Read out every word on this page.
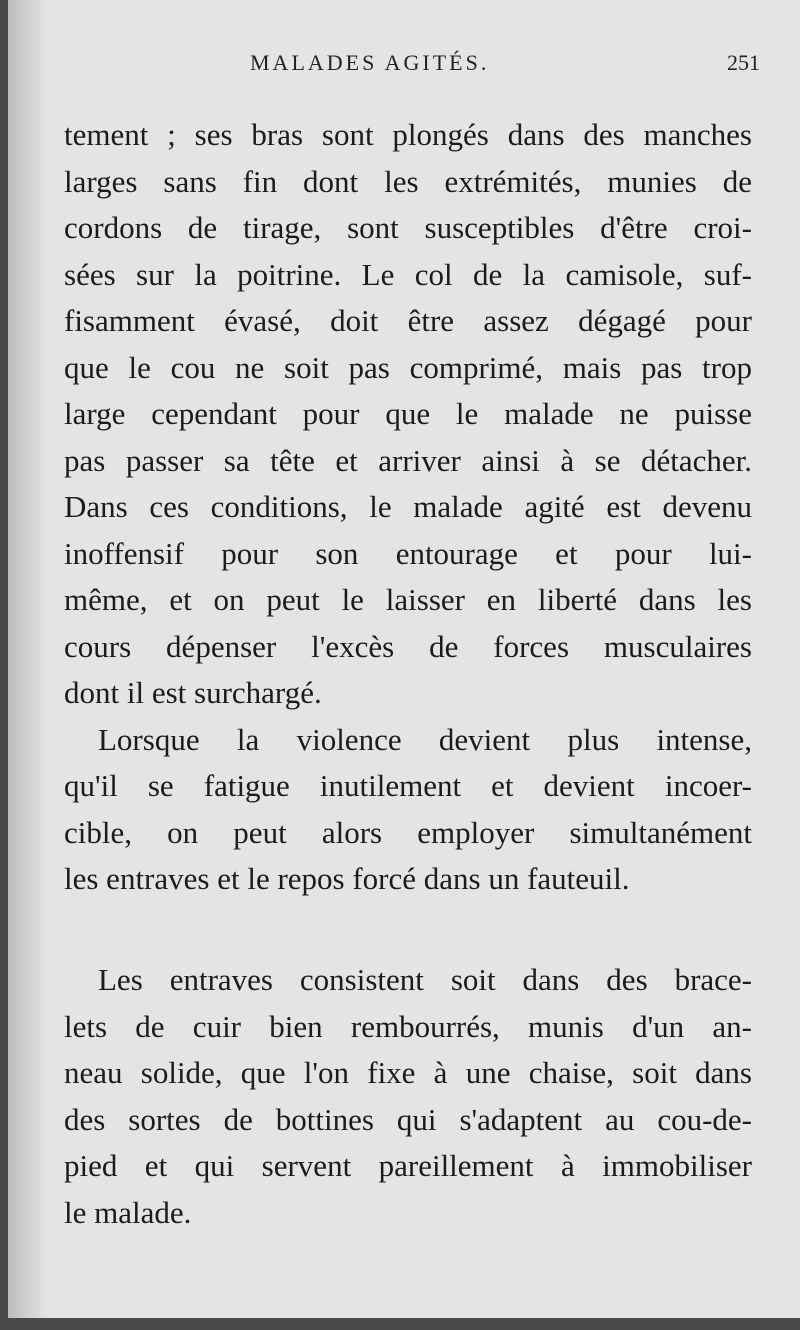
MALADES AGITÉS.	251
tement ; ses bras sont plongés dans des manches
larges sans fin dont les extrémités, munies de
cordons de tirage, sont susceptibles d'être croi-
sées sur la poitrine. Le col de la camisole, suf-
fisamment évasé, doit être assez dégagé pour
que le cou ne soit pas comprimé, mais pas trop
large cependant pour que le malade ne puisse
pas passer sa tête et arriver ainsi à se détacher.
Dans ces conditions, le malade agité est devenu
inoffensif pour son entourage et pour lui-
même, et on peut le laisser en liberté dans les
cours dépenser l'excès de forces musculaires
dont il est surchargé.
Lorsque la violence devient plus intense,
qu'il se fatigue inutilement et devient incoer-
cible, on peut alors employer simultanément
les entraves et le repos forcé dans un fauteuil.
Les entraves consistent soit dans des brace-
lets de cuir bien rembourrés, munis d'un an-
neau solide, que l'on fixe à une chaise, soit dans
des sortes de bottines qui s'adaptent au cou-de-
pied et qui servent pareillement à immobiliser
le malade.
